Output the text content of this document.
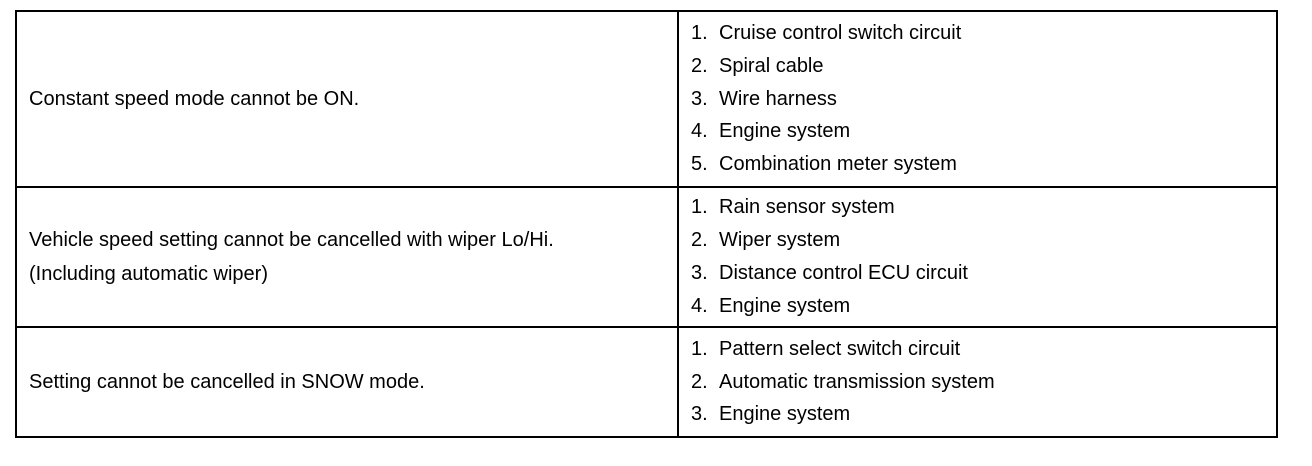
Constant speed mode cannot be ON.
1. Cruise control switch circuit
2. Spiral cable
3. Wire harness
4. Engine system
5. Combination meter system
Vehicle speed setting cannot be cancelled with wiper Lo/Hi.
(Including automatic wiper)
1. Rain sensor system
2. Wiper system
3. Distance control ECU circuit
4. Engine system
Setting cannot be cancelled in SNOW mode.
1. Pattern select switch circuit
2. Automatic transmission system
3. Engine system
